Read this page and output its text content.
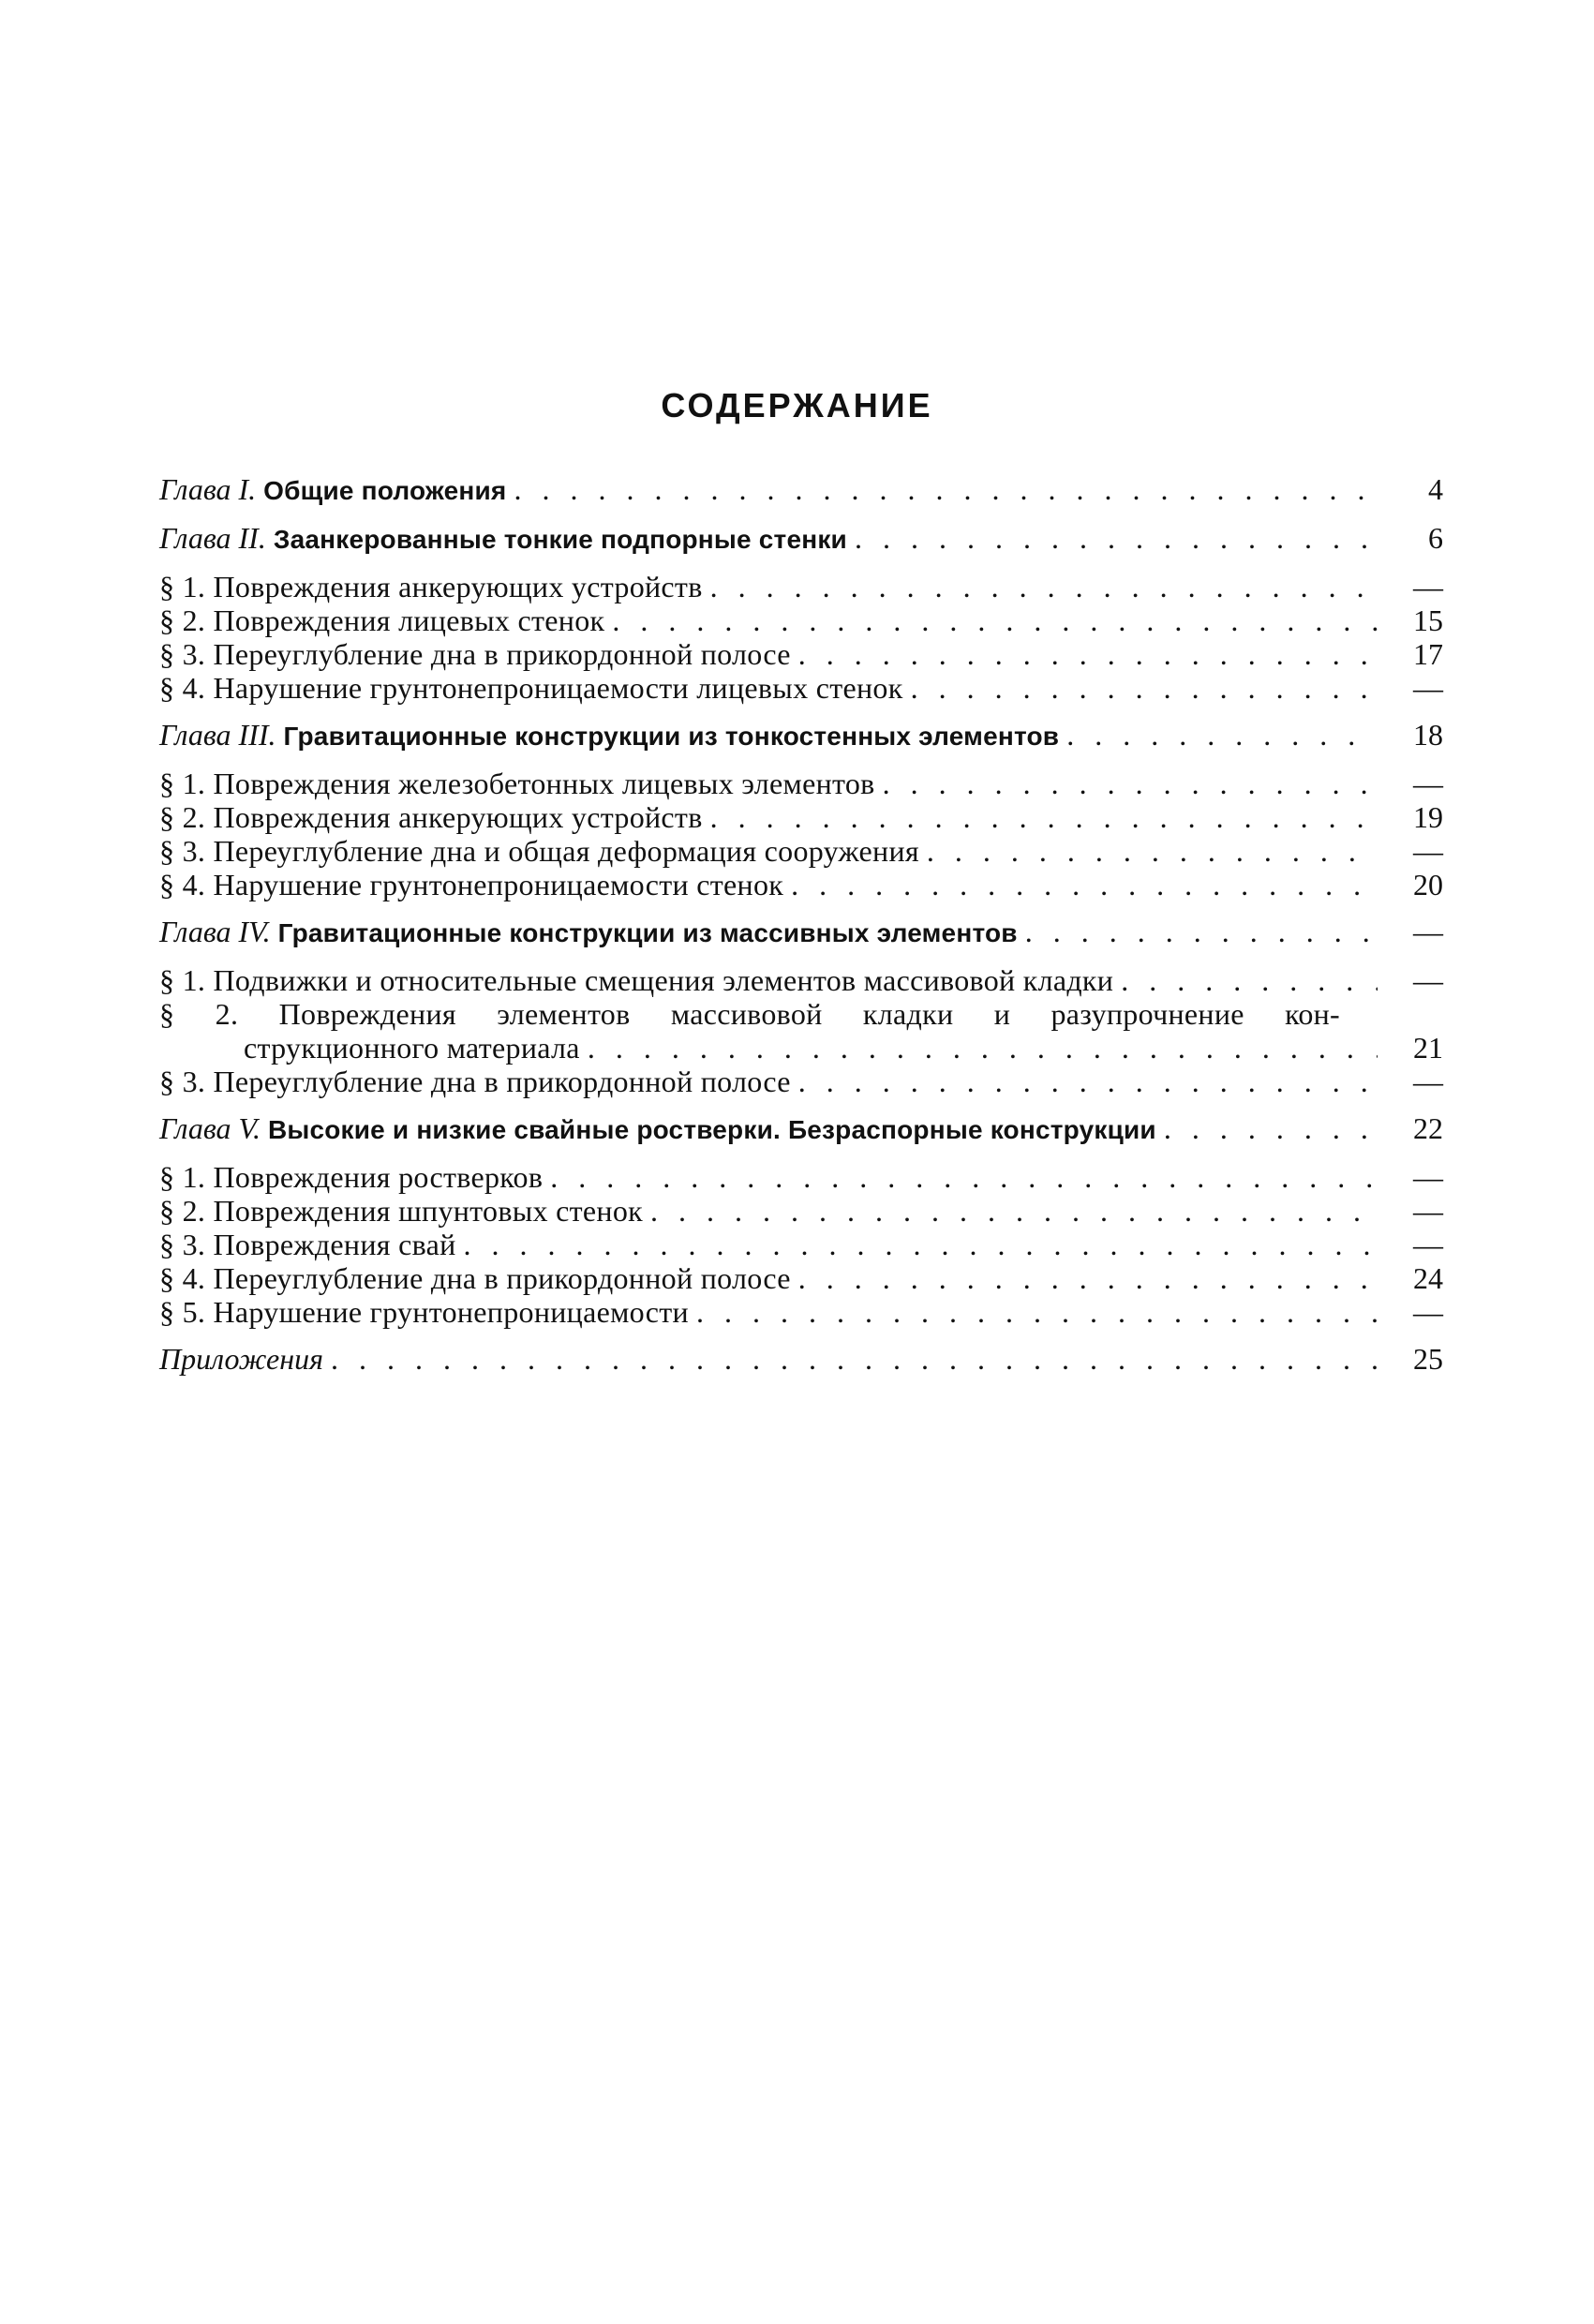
СОДЕРЖАНИЕ
Глава I. Общие положения . . .	4
Глава II. Заанкерованные тонкие подпорные стенки . . .	6
§ 1. Повреждения анкерующих устройств . . .	—
§ 2. Повреждения лицевых стенок . . .	15
§ 3. Переуглубление дна в прикордонной полосе . . .	17
§ 4. Нарушение грунтонепроницаемости лицевых стенок . . .	—
Глава III. Гравитационные конструкции из тонкостенных элементов . . .	18
§ 1. Повреждения железобетонных лицевых элементов . . .	—
§ 2. Повреждения анкерующих устройств . . .	19
§ 3. Переуглубление дна и общая деформация сооружения . . .	—
§ 4. Нарушение грунтонепроницаемости стенок . . .	20
Глава IV. Гравитационные конструкции из массивных элементов . . .	—
§ 1. Подвижки и относительные смещения элементов массивовой кладки . . .	—
§ 2. Повреждения элементов массивовой кладки и разупрочнение кон-
струкционного материала . . .	21
§ 3. Переуглубление дна в прикордонной полосе . . .	—
Глава V. Высокие и низкие свайные ростверки. Безраспорные конструкции . . .	22
§ 1. Повреждения ростверков . . .	—
§ 2. Повреждения шпунтовых стенок . . .	—
§ 3. Повреждения свай . . .	—
§ 4. Переуглубление дна в прикордонной полосе . . .	24
§ 5. Нарушение грунтонепроницаемости . . .	—
Приложения . . .	25
